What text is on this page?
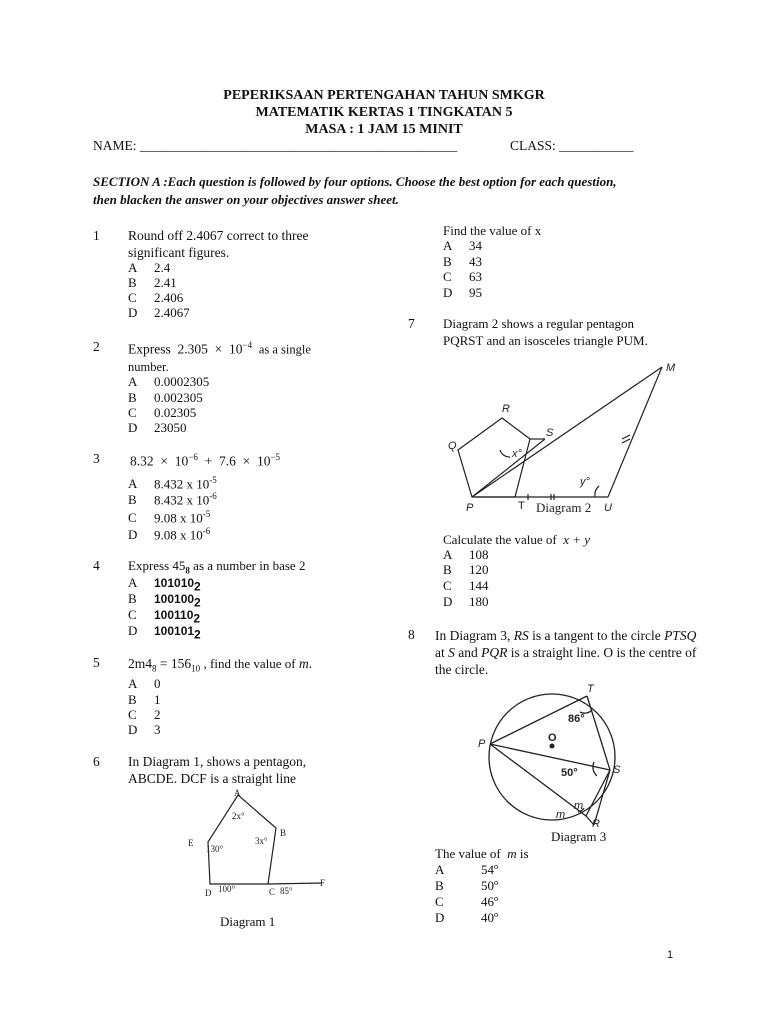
PEPERIKSAAN PERTENGAHAN TAHUN SMKGR
MATEMATIK KERTAS 1 TINGKATAN 5
MASA : 1 JAM 15 MINIT
NAME: _______________________________________________	CLASS: ___________
SECTION A :Each question is followed by four options. Choose the best option for each question,
then blacken the answer on your objectives answer sheet.
1 Round off 2.4067 correct to three
significant figures.
A 2.4
B 2.41
C 2.406
D 2.4067
2 Express $2.305 \times 10^{-4}$ as a single
number.
A 0.0002305
B 0.002305
C 0.02305
D 23050
3 $8.32 \times 10^{-6} + 7.6 \times 10^{-5}$
A 8.432 x $10^{-5}$
B 8.432 x $10^{-6}$
C 9.08 x $10^{-5}$
D 9.08 x $10^{-6}$
4 Express $45_8$ as a number in base 2
A $101010_2$
B $100100_2$
C $100110_2$
D $100101_2$
5 $2m4_8 = 156_{10}$ , find the value of m.
A 0
B 1
C 2
D 3
6 In Diagram 1, shows a pentagon,
ABCDE. DCF is a straight line
A
B
C
D
E
F
2x°
3x°
130°
100°	85°
Diagram 1
Find the value of x
A 34
B 43
C 63
D 95
7 Diagram 2 shows a regular pentagon
PQRST and an isosceles triangle PUM.
M
R
S
Q
P	T	U
x°
y°
Diagram 2
Calculate the value of x + y
A 108
B 120
C 144
D 180
8 In Diagram 3, RS is a tangent to the circle PTSQ
at S and PQR is a straight line. O is the centre of
the circle.
T
O
P
S
R
m
m
86°
50°
Diagram 3
The value of m is
A	54º
B	50º
C	46º
D	40º
1
